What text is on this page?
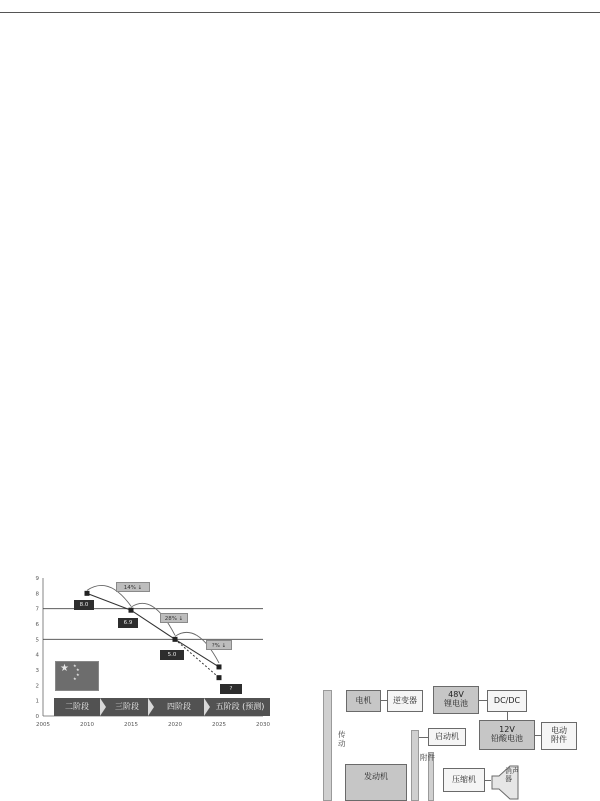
0
1
2
3
4
5
6
7
8
9
2005	2010	2015	2020	2025	2030
★ ★
★
★
★
二阶段	三阶段	四阶段	五阶段 (预测)
8.0
14% ↓
6.9
28% ↓
5.0
?% ↓
?
电机	逆变器
48V
锂电池	DC/DC
12V
铅酸电池
电动
附件
传
动
启动机
附件
发动机	压缩机
消声
器
